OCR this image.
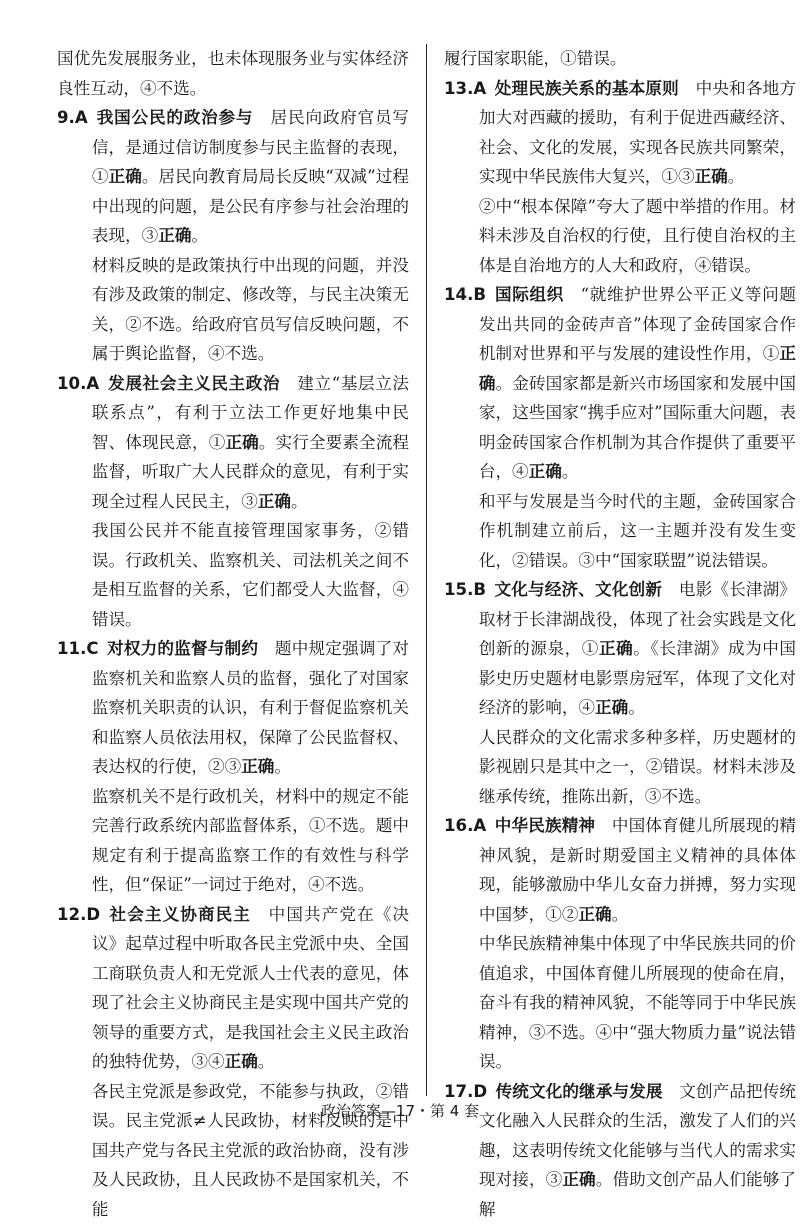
国优先发展服务业，也未体现服务业与实体经济良性互动，④不选。

9.A  我国公民的政治参与  居民向政府官员写信，是通过信访制度参与民主监督的表现，①正确。居民向教育局局长反映“双减”过程中出现的问题，是公民有序参与社会治理的表现，③正确。

材料反映的是政策执行中出现的问题，并没有涉及政策的制定、修改等，与民主决策无关，②不选。给政府官员写信反映问题，不属于舆论监督，④不选。

10.A  发展社会主义民主政治  建立“基层立法联系点”，有利于立法工作更好地集中民智、体现民意，①正确。实行全要素全流程监督，听取广大人民群众的意见，有利于实现全过程人民民主，③正确。

我国公民并不能直接管理国家事务，②错误。行政机关、监察机关、司法机关之间不是相互监督的关系，它们都受人大监督，④错误。

11.C  对权力的监督与制约  题中规定强调了对监察机关和监察人员的监督，强化了对国家监察机关职责的认识，有利于督促监察机关和监察人员依法用权，保障了公民监督权、表达权的行使，②③正确。

监察机关不是行政机关，材料中的规定不能完善行政系统内部监督体系，①不选。题中规定有利于提高监察工作的有效性与科学性，但“保证”一词过于绝对，④不选。

12.D  社会主义协商民主  中国共产党在《决议》起草过程中听取各民主党派中央、全国工商联负责人和无党派人士代表的意见，体现了社会主义协商民主是实现中国共产党的领导的重要方式，是我国社会主义民主政治的独特优势，③④正确。

各民主党派是参政党，不能参与执政，②错误。民主党派≠人民政协，材料反映的是中国共产党与各民主党派的政治协商，没有涉及人民政协，且人民政协不是国家机关，不能

履行国家职能，①错误。

13.A  处理民族关系的基本原则  中央和各地方加大对西藏的援助，有利于促进西藏经济、社会、文化的发展，实现各民族共同繁荣，实现中华民族伟大复兴，①③正确。

②中“根本保障”夸大了题中举措的作用。材料未涉及自治权的行使，且行使自治权的主体是自治地方的人大和政府，④错误。

14.B  国际组织  “就维护世界公平正义等问题发出共同的金砖声音”体现了金砖国家合作机制对世界和平与发展的建设性作用，①正确。金砖国家都是新兴市场国家和发展中国家，这些国家“携手应对”国际重大问题，表明金砖国家合作机制为其合作提供了重要平台，④正确。

和平与发展是当今时代的主题，金砖国家合作机制建立前后，这一主题并没有发生变化，②错误。③中“国家联盟”说法错误。

15.B  文化与经济、文化创新  电影《长津湖》取材于长津湖战役，体现了社会实践是文化创新的源泉，①正确。《长津湖》成为中国影史历史题材电影票房冠军，体现了文化对经济的影响，④正确。

人民群众的文化需求多种多样，历史题材的影视剧只是其中之一，②错误。材料未涉及继承传统，推陈出新，③不选。

16.A  中华民族精神  中国体育健儿所展现的精神风貌，是新时期爱国主义精神的具体体现，能够激励中华儿女奋力拼搏，努力实现中国梦，①②正确。

中华民族精神集中体现了中华民族共同的价值追求，中国体育健儿所展现的使命在肩，奋斗有我的精神风貌，不能等同于中华民族精神，③不选。④中“强大物质力量”说法错误。

17.D  传统文化的继承与发展  文创产品把传统文化融入人民群众的生活，激发了人们的兴趣，这表明传统文化能够与当代人的需求实现对接，③正确。借助文创产品人们能够了解

政治答案—17・第 4 套
